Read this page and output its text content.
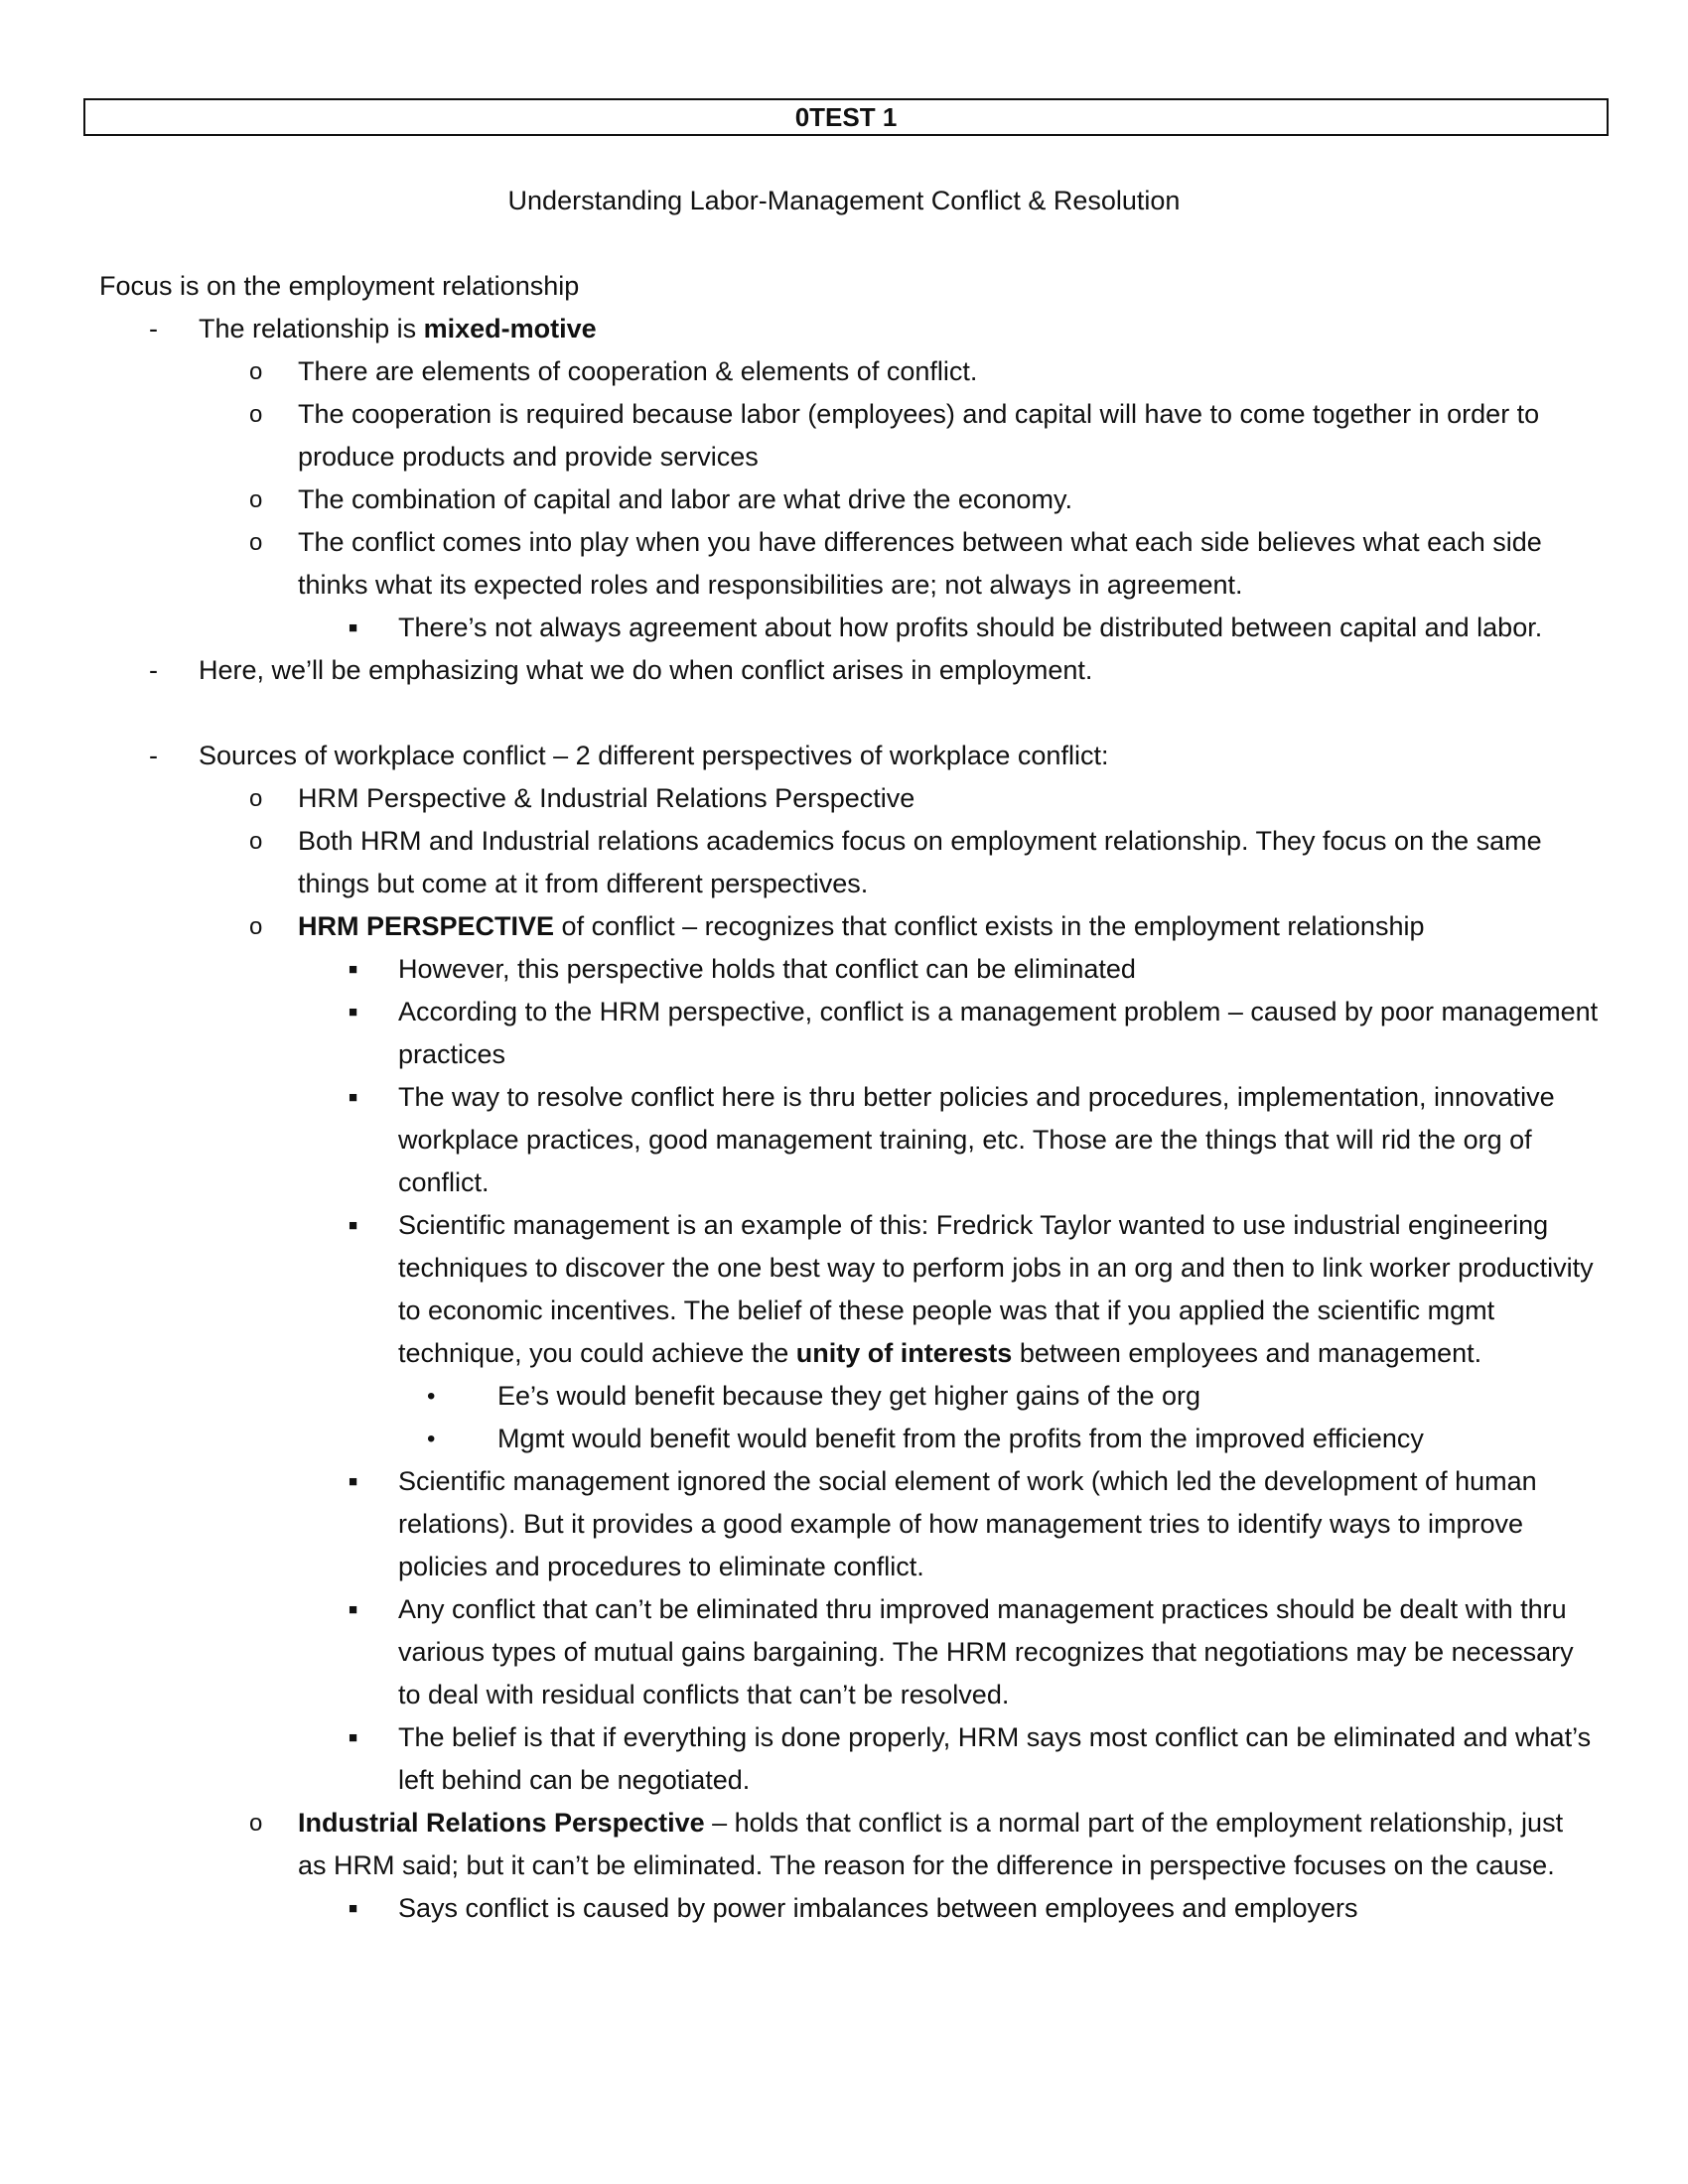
0TEST 1
Understanding Labor-Management Conflict & Resolution
Focus is on the employment relationship
- The relationship is mixed-motive
o There are elements of cooperation & elements of conflict.
o The cooperation is required because labor (employees) and capital will have to come together in order to produce products and provide services
o The combination of capital and labor are what drive the economy.
o The conflict comes into play when you have differences between what each side believes what each side thinks what its expected roles and responsibilities are; not always in agreement.
■ There’s not always agreement about how profits should be distributed between capital and labor.
- Here, we’ll be emphasizing what we do when conflict arises in employment.
- Sources of workplace conflict – 2 different perspectives of workplace conflict:
o HRM Perspective & Industrial Relations Perspective
o Both HRM and Industrial relations academics focus on employment relationship. They focus on the same things but come at it from different perspectives.
o HRM PERSPECTIVE of conflict – recognizes that conflict exists in the employment relationship
■ However, this perspective holds that conflict can be eliminated
■ According to the HRM perspective, conflict is a management problem – caused by poor management practices
■ The way to resolve conflict here is thru better policies and procedures, implementation, innovative workplace practices, good management training, etc. Those are the things that will rid the org of conflict.
■ Scientific management is an example of this: Fredrick Taylor wanted to use industrial engineering techniques to discover the one best way to perform jobs in an org and then to link worker productivity to economic incentives. The belief of these people was that if you applied the scientific mgmt technique, you could achieve the unity of interests between employees and management.
• Ee’s would benefit because they get higher gains of the org
• Mgmt would benefit would benefit from the profits from the improved efficiency
■ Scientific management ignored the social element of work (which led the development of human relations). But it provides a good example of how management tries to identify ways to improve policies and procedures to eliminate conflict.
■ Any conflict that can’t be eliminated thru improved management practices should be dealt with thru various types of mutual gains bargaining. The HRM recognizes that negotiations may be necessary to deal with residual conflicts that can’t be resolved.
■ The belief is that if everything is done properly, HRM says most conflict can be eliminated and what’s left behind can be negotiated.
o Industrial Relations Perspective – holds that conflict is a normal part of the employment relationship, just as HRM said; but it can’t be eliminated. The reason for the difference in perspective focuses on the cause.
■ Says conflict is caused by power imbalances between employees and employers
